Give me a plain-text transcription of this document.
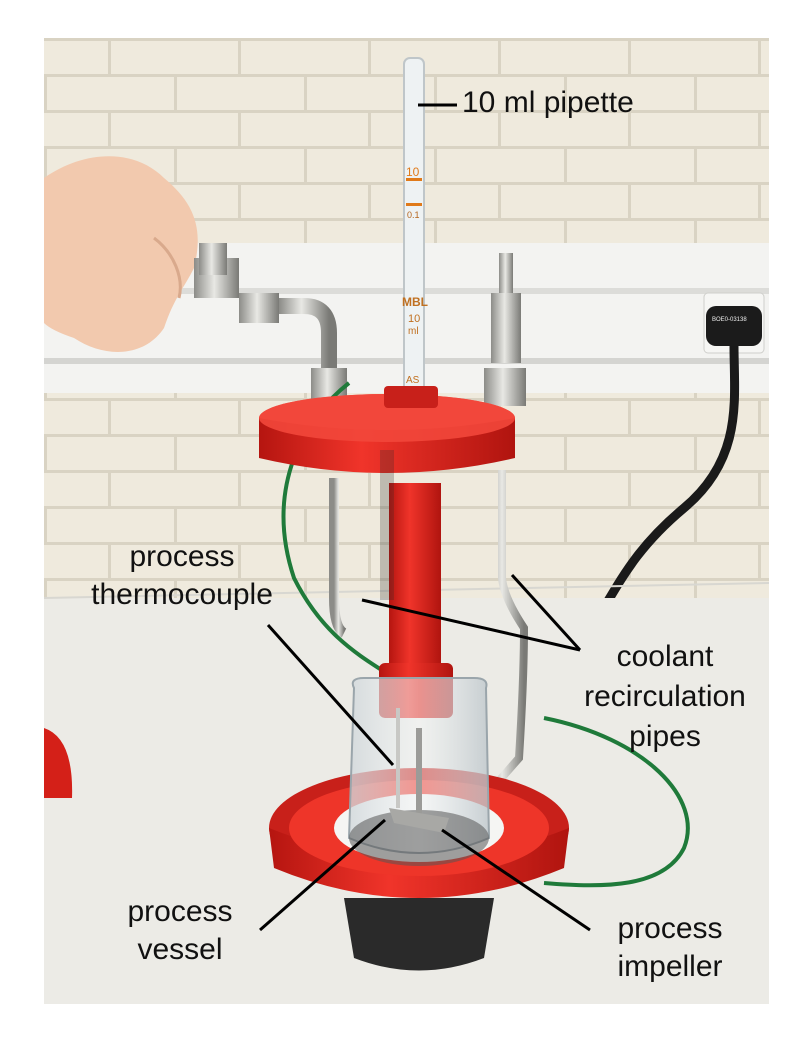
BOE0-03138
10
0.1
MBL
10
ml
AS
10 ml pipette
process
thermocouple
coolant
recirculation
pipes
process
vessel
process
impeller
